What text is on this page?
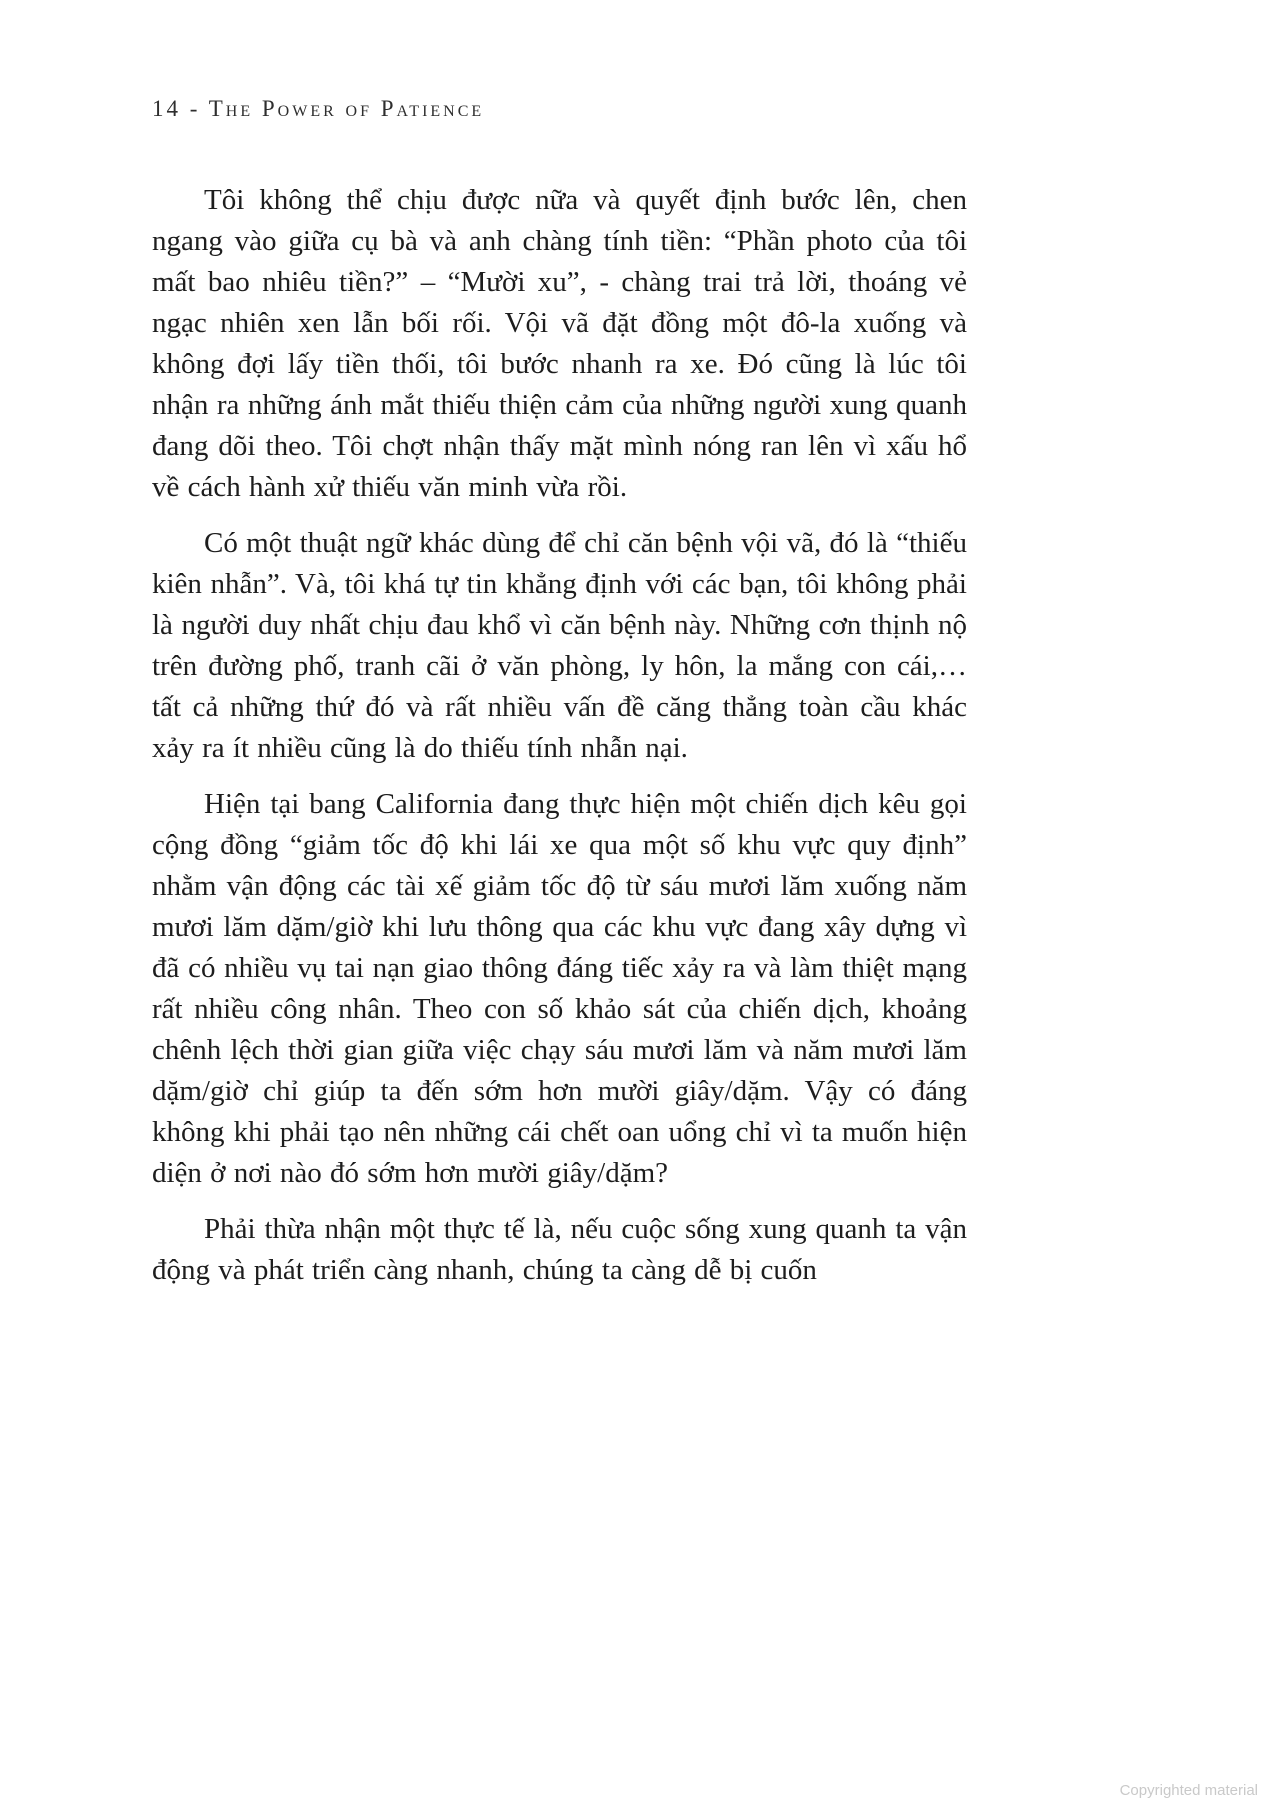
14 - The Power of Patience

Tôi không thể chịu được nữa và quyết định bước lên, chen ngang vào giữa cụ bà và anh chàng tính tiền: “Phần photo của tôi mất bao nhiêu tiền?” – “Mười xu”, - chàng trai trả lời, thoáng vẻ ngạc nhiên xen lẫn bối rối. Vội vã đặt đồng một đô-la xuống và không đợi lấy tiền thối, tôi bước nhanh ra xe. Đó cũng là lúc tôi nhận ra những ánh mắt thiếu thiện cảm của những người xung quanh đang dõi theo. Tôi chợt nhận thấy mặt mình nóng ran lên vì xấu hổ về cách hành xử thiếu văn minh vừa rồi.

Có một thuật ngữ khác dùng để chỉ căn bệnh vội vã, đó là “thiếu kiên nhẫn”. Và, tôi khá tự tin khẳng định với các bạn, tôi không phải là người duy nhất chịu đau khổ vì căn bệnh này. Những cơn thịnh nộ trên đường phố, tranh cãi ở văn phòng, ly hôn, la mắng con cái,… tất cả những thứ đó và rất nhiều vấn đề căng thẳng toàn cầu khác xảy ra ít nhiều cũng là do thiếu tính nhẫn nại.

Hiện tại bang California đang thực hiện một chiến dịch kêu gọi cộng đồng “giảm tốc độ khi lái xe qua một số khu vực quy định” nhằm vận động các tài xế giảm tốc độ từ sáu mươi lăm xuống năm mươi lăm dặm/giờ khi lưu thông qua các khu vực đang xây dựng vì đã có nhiều vụ tai nạn giao thông đáng tiếc xảy ra và làm thiệt mạng rất nhiều công nhân. Theo con số khảo sát của chiến dịch, khoảng chênh lệch thời gian giữa việc chạy sáu mươi lăm và năm mươi lăm dặm/giờ chỉ giúp ta đến sớm hơn mười giây/dặm. Vậy có đáng không khi phải tạo nên những cái chết oan uổng chỉ vì ta muốn hiện diện ở nơi nào đó sớm hơn mười giây/dặm?

Phải thừa nhận một thực tế là, nếu cuộc sống xung quanh ta vận động và phát triển càng nhanh, chúng ta càng dễ bị cuốn

Copyrighted material
